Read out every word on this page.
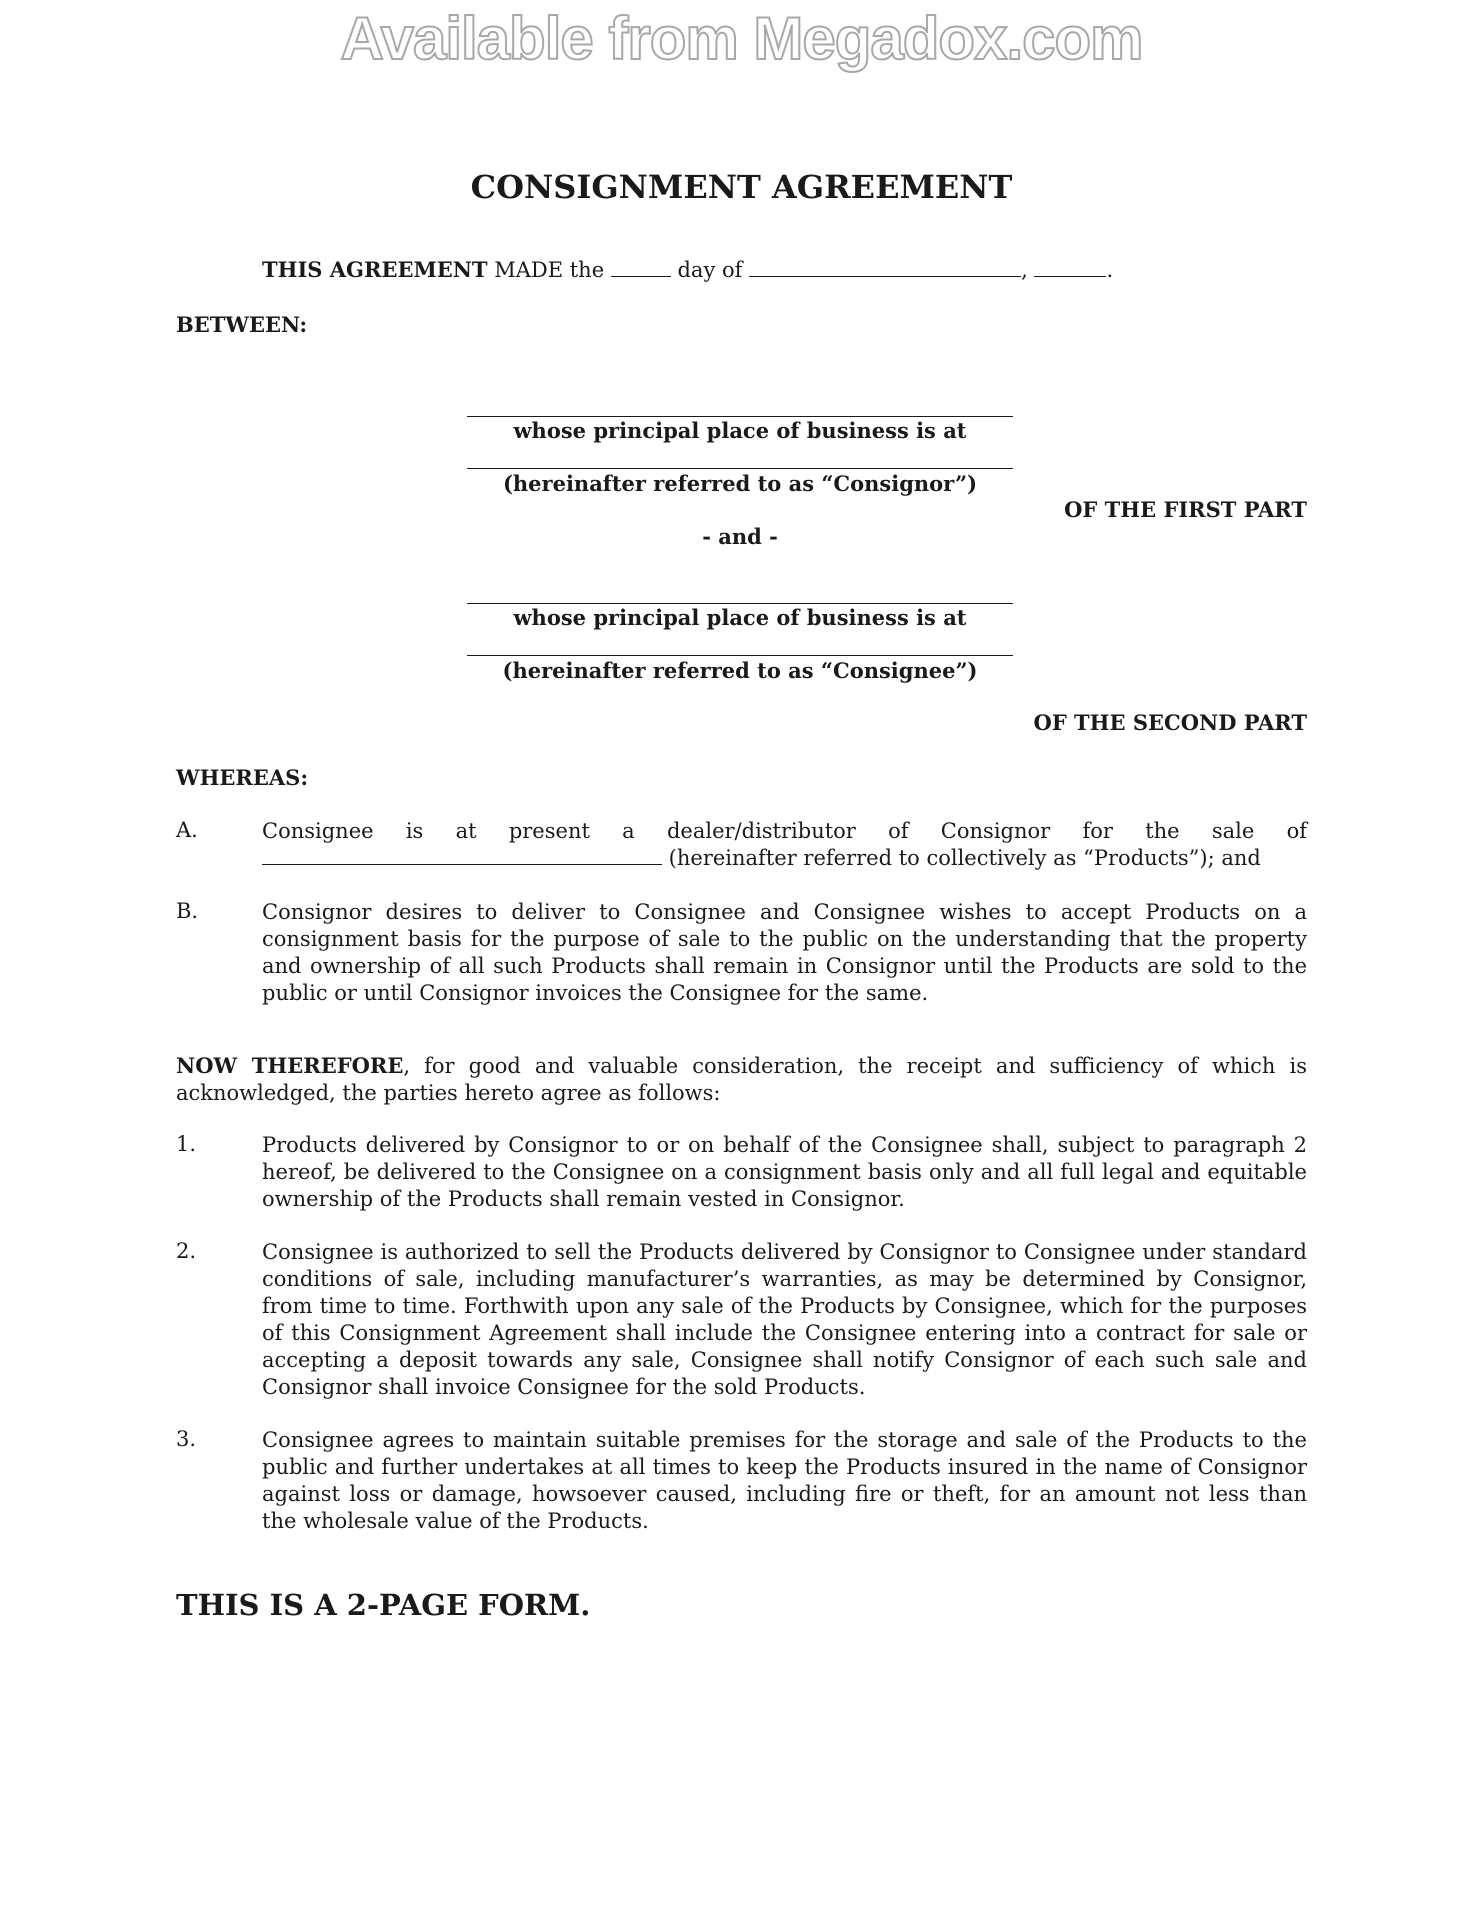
Available from Megadox.com
CONSIGNMENT AGREEMENT
THIS AGREEMENT MADE the	day of	,	.
BETWEEN:
whose principal place of business is at
(hereinafter referred to as “Consignor”)
OF THE FIRST PART
- and -
whose principal place of business is at
(hereinafter referred to as “Consignee”)
OF THE SECOND PART
WHEREAS:
A.	Consignee is at present a dealer/distributor of Consignor for the sale of
(hereinafter referred to collectively as “Products”); and
B.	Consignor desires to deliver to Consignee and Consignee wishes to accept Products on a consignment basis for the purpose of sale to the public on the understanding that the property and ownership of all such Products shall remain in Consignor until the Products are sold to the public or until Consignor invoices the Consignee for the same.
NOW THEREFORE, for good and valuable consideration, the receipt and sufficiency of which is acknowledged, the parties hereto agree as follows:
1.	Products delivered by Consignor to or on behalf of the Consignee shall, subject to paragraph 2 hereof, be delivered to the Consignee on a consignment basis only and all full legal and equitable ownership of the Products shall remain vested in Consignor.
2.	Consignee is authorized to sell the Products delivered by Consignor to Consignee under standard conditions of sale, including manufacturer’s warranties, as may be determined by Consignor, from time to time. Forthwith upon any sale of the Products by Consignee, which for the purposes of this Consignment Agreement shall include the Consignee entering into a contract for sale or accepting a deposit towards any sale, Consignee shall notify Consignor of each such sale and Consignor shall invoice Consignee for the sold Products.
3.	Consignee agrees to maintain suitable premises for the storage and sale of the Products to the public and further undertakes at all times to keep the Products insured in the name of Consignor against loss or damage, howsoever caused, including fire or theft, for an amount not less than the wholesale value of the Products.
THIS IS A 2-PAGE FORM.
